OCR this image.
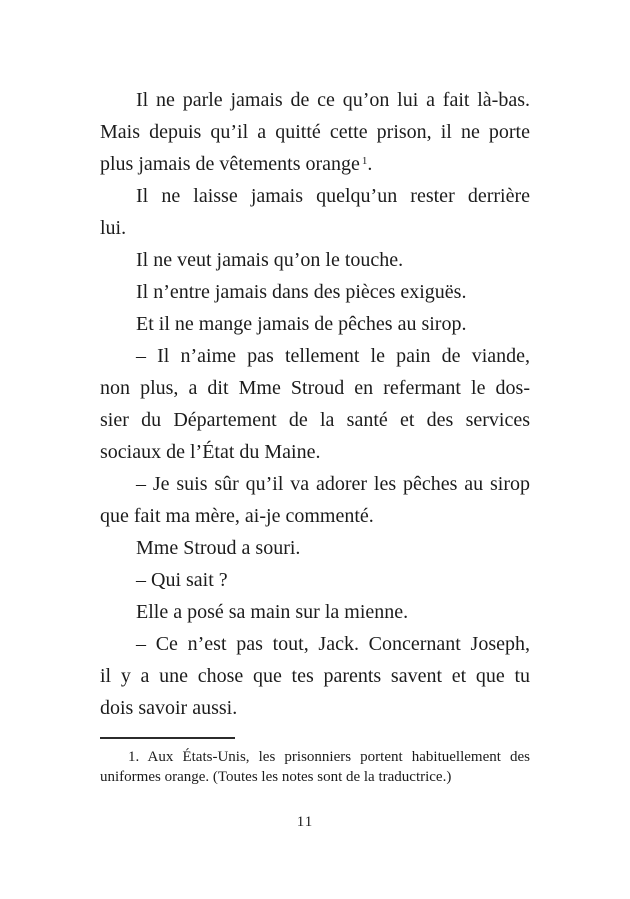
Il ne parle jamais de ce qu’on lui a fait là-bas.
Mais depuis qu’il a quitté cette prison, il ne porte
plus jamais de vêtements orange $^1$.
Il ne laisse jamais quelqu’un rester derrière
lui.
Il ne veut jamais qu’on le touche.
Il n’entre jamais dans des pièces exiguës.
Et il ne mange jamais de pêches au sirop.
– Il n’aime pas tellement le pain de viande,
non plus, a dit Mme Stroud en refermant le dos-
sier du Département de la santé et des services
sociaux de l’État du Maine.
– Je suis sûr qu’il va adorer les pêches au sirop
que fait ma mère, ai-je commenté.
Mme Stroud a souri.
– Qui sait ?
Elle a posé sa main sur la mienne.
– Ce n’est pas tout, Jack. Concernant Joseph,
il y a une chose que tes parents savent et que tu
dois savoir aussi.
1. Aux États-Unis, les prisonniers portent habituellement des
uniformes orange. (Toutes les notes sont de la traductrice.)
11
